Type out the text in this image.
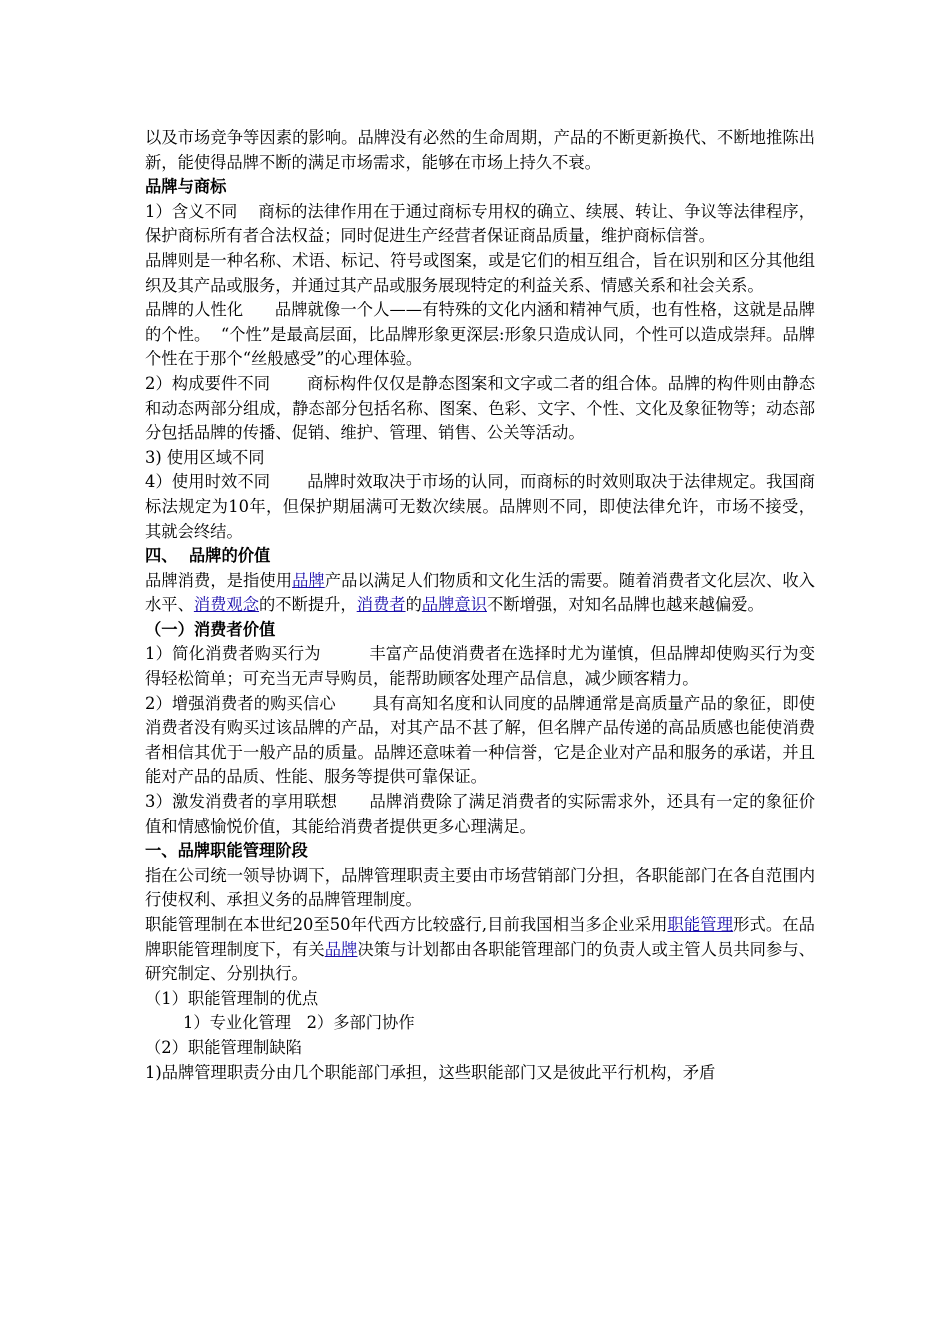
以及市场竞争等因素的影响。品牌没有必然的生命周期，产品的不断更新换代、不断地推陈出新，能使得品牌不断的满足市场需求，能够在市场上持久不衰。

品牌与商标

1）含义不同    商标的法律作用在于通过商标专用权的确立、续展、转让、争议等法律程序，保护商标所有者合法权益；同时促进生产经营者保证商品质量，维护商标信誉。

品牌则是一种名称、术语、标记、符号或图案，或是它们的相互组合，旨在识别和区分其他组织及其产品或服务，并通过其产品或服务展现特定的利益关系、情感关系和社会关系。

品牌的人性化      品牌就像一个人——有特殊的文化内涵和精神气质，也有性格，这就是品牌的个性。  “个性”是最高层面，比品牌形象更深层:形象只造成认同，个性可以造成崇拜。品牌个性在于那个“丝般感受”的心理体验。

2）构成要件不同       商标构件仅仅是静态图案和文字或二者的组合体。品牌的构件则由静态和动态两部分组成，静态部分包括名称、图案、色彩、文字、个性、文化及象征物等；动态部分包括品牌的传播、促销、维护、管理、销售、公关等活动。

3) 使用区域不同

4）使用时效不同       品牌时效取决于市场的认同，而商标的时效则取决于法律规定。我国商标法规定为10年，但保护期届满可无数次续展。品牌则不同，即使法律允许，市场不接受，其就会终结。

四、  品牌的价值

品牌消费，是指使用品牌产品以满足人们物质和文化生活的需要。随着消费者文化层次、收入水平、消费观念的不断提升，消费者的品牌意识不断增强，对知名品牌也越来越偏爱。

（一）消费者价值

1）简化消费者购买行为         丰富产品使消费者在选择时尤为谨慎，但品牌却使购买行为变得轻松简单；可充当无声导购员，能帮助顾客处理产品信息，减少顾客精力。

2）增强消费者的购买信心       具有高知名度和认同度的品牌通常是高质量产品的象征，即使消费者没有购买过该品牌的产品，对其产品不甚了解，但名牌产品传递的高品质感也能使消费者相信其优于一般产品的质量。品牌还意味着一种信誉，它是企业对产品和服务的承诺，并且能对产品的品质、性能、服务等提供可靠保证。

3）激发消费者的享用联想      品牌消费除了满足消费者的实际需求外，还具有一定的象征价值和情感愉悦价值，其能给消费者提供更多心理满足。

一、品牌职能管理阶段

指在公司统一领导协调下，品牌管理职责主要由市场营销部门分担，各职能部门在各自范围内行使权利、承担义务的品牌管理制度。

职能管理制在本世纪20至50年代西方比较盛行,目前我国相当多企业采用职能管理形式。在品牌职能管理制度下，有关品牌决策与计划都由各职能管理部门的负责人或主管人员共同参与、研究制定、分别执行。

（1）职能管理制的优点

1）专业化管理   2）多部门协作

（2）职能管理制缺陷

1)品牌管理职责分由几个职能部门承担，这些职能部门又是彼此平行机构，矛盾
